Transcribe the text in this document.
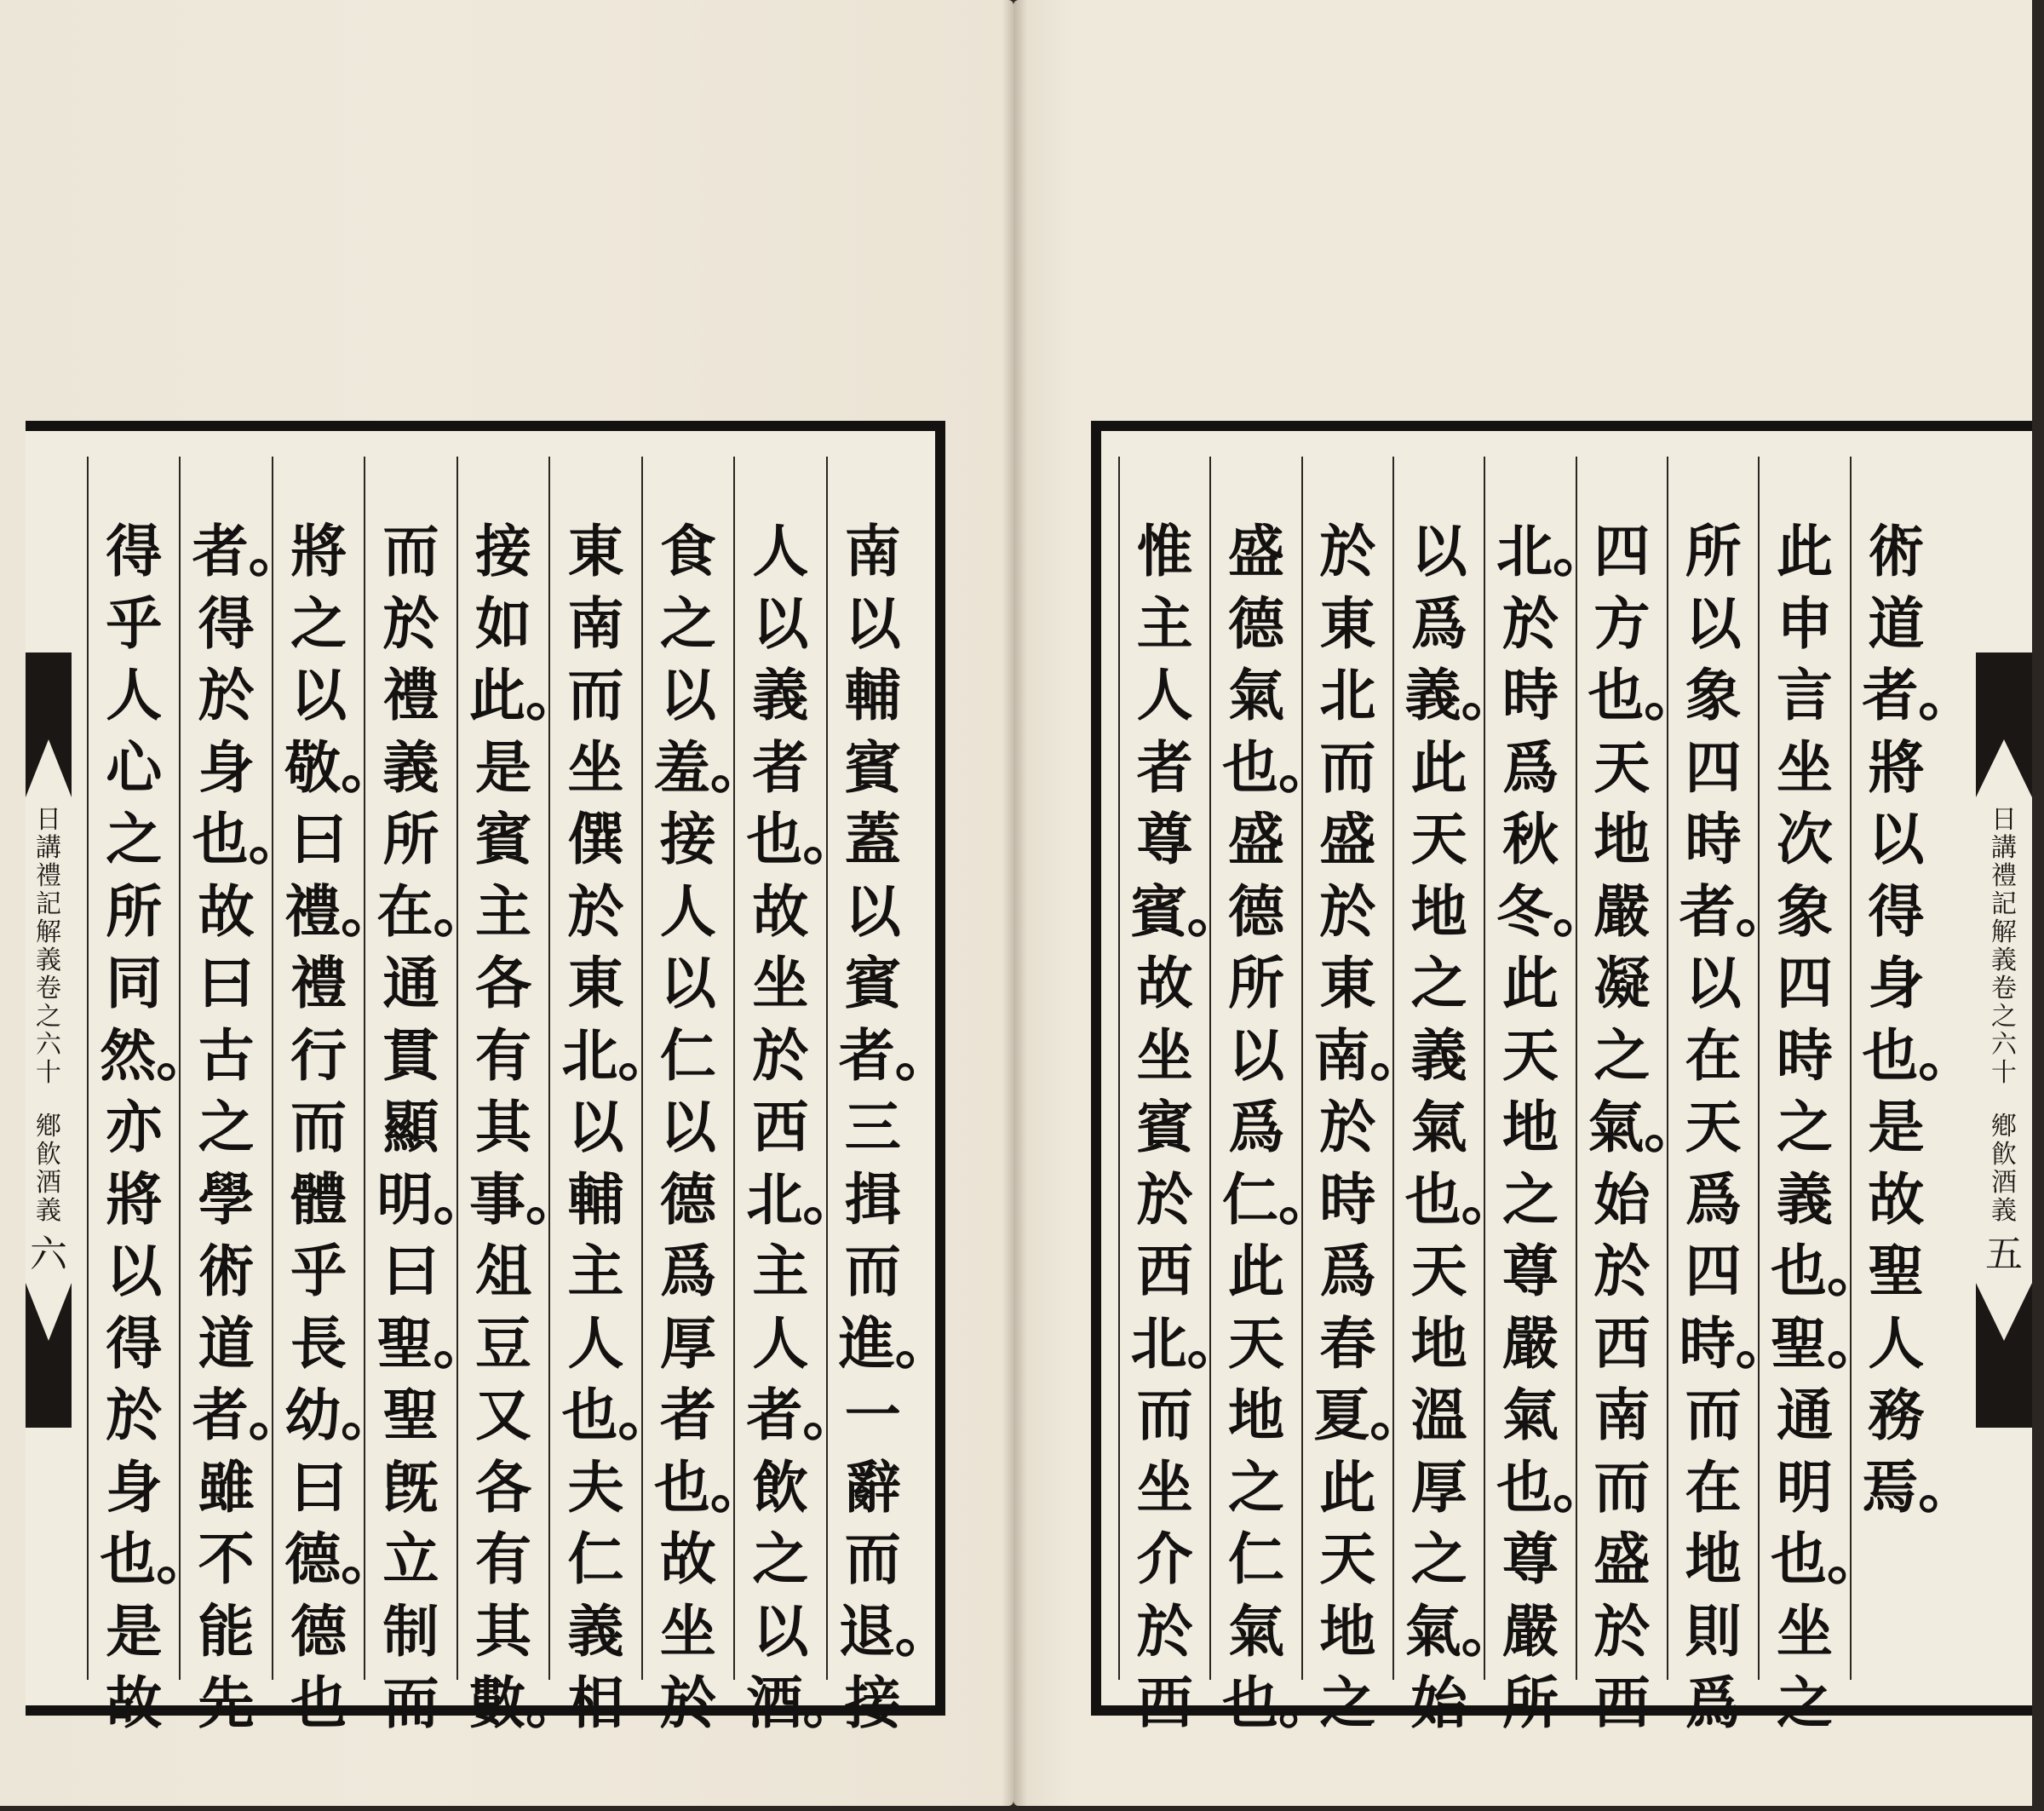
南以輔賓蓋以賓者。三揖而進。一辭而退。接
人以義者也。故坐於西北。主人者。飲之以酒。
食之以羞。接人以仁以德爲厚者也。故坐於
東南而坐僎於東北。以輔主人也。夫仁義相
接如此。是賓主各有其事。俎豆又各有其數。
而於禮義所在。通貫顯明。曰聖。聖旣立制而
將之以敬。曰禮。禮行而體乎長幼。曰德。德也
者。得於身也。故曰古之學術道者。雖不能先
得乎人心之所同然。亦將以得於身也。是故
日講禮記解義卷之六十
鄕飮酒義
六
術道者。將以得身也。是故聖人務焉。
此申言坐次象四時之義也。聖。通明也。坐之
所以象四時者。以在天爲四時。而在地則爲
四方也。天地嚴凝之氣。始於西南而盛於西
北。於時爲秋冬。此天地之尊嚴氣也。尊嚴所
以爲義。此天地之義氣也。天地溫厚之氣。始
於東北而盛於東南。於時爲春夏。此天地之
盛德氣也。盛德所以爲仁。此天地之仁氣也。
惟主人者尊賓。故坐賓於西北。而坐介於西
日講禮記解義卷之六十
鄕飮酒義
五
